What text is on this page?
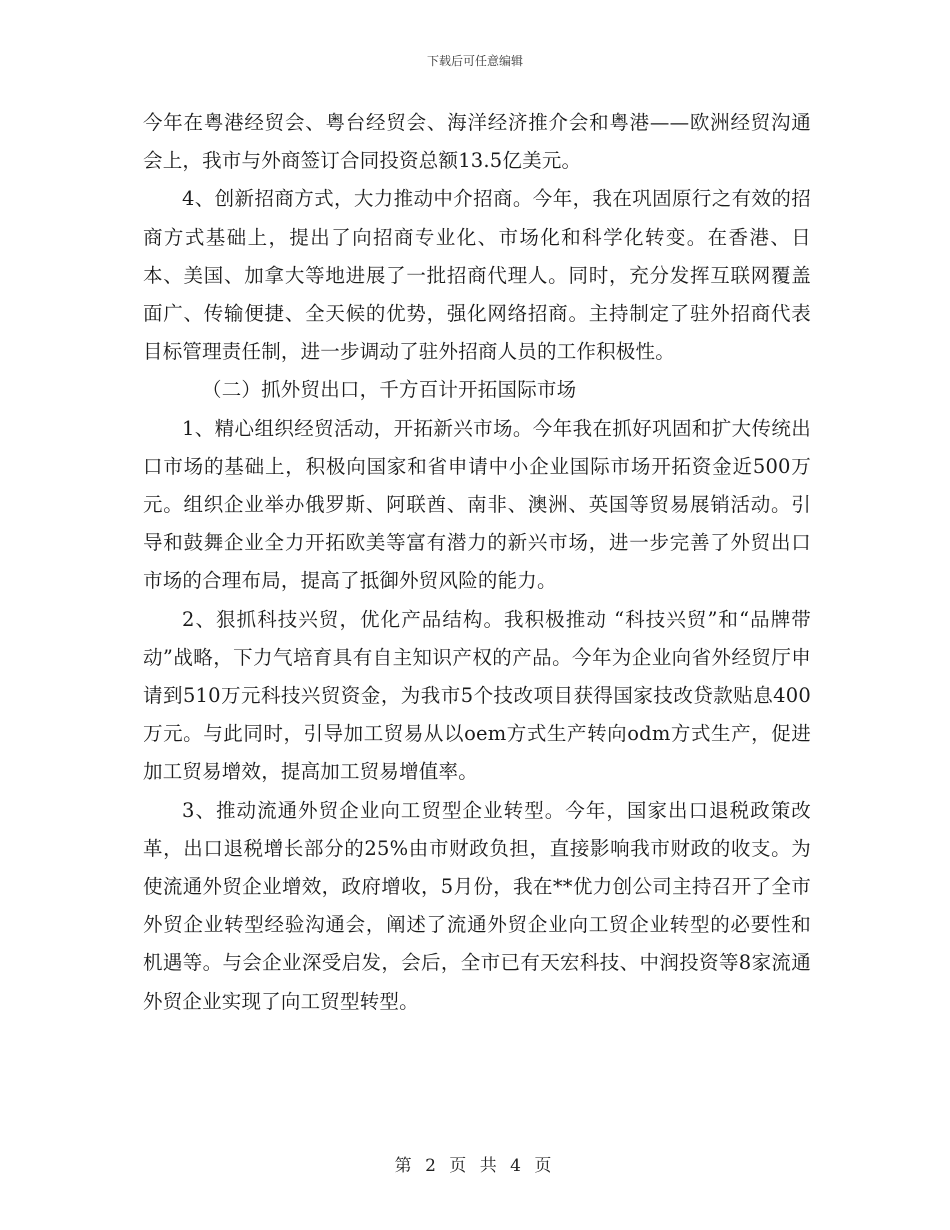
下载后可任意编辑

今年在粤港经贸会、粤台经贸会、海洋经济推介会和粤港——欧洲经贸沟通会上，我市与外商签订合同投资总额13.5亿美元。

4、创新招商方式，大力推动中介招商。今年，我在巩固原行之有效的招商方式基础上，提出了向招商专业化、市场化和科学化转变。在香港、日本、美国、加拿大等地进展了一批招商代理人。同时，充分发挥互联网覆盖面广、传输便捷、全天候的优势，强化网络招商。主持制定了驻外招商代表目标管理责任制，进一步调动了驻外招商人员的工作积极性。

（二）抓外贸出口，千方百计开拓国际市场

1、精心组织经贸活动，开拓新兴市场。今年我在抓好巩固和扩大传统出口市场的基础上，积极向国家和省申请中小企业国际市场开拓资金近500万元。组织企业举办俄罗斯、阿联酋、南非、澳洲、英国等贸易展销活动。引导和鼓舞企业全力开拓欧美等富有潜力的新兴市场，进一步完善了外贸出口市场的合理布局，提高了抵御外贸风险的能力。

2、狠抓科技兴贸，优化产品结构。我积极推动 “科技兴贸”和“品牌带动”战略，下力气培育具有自主知识产权的产品。今年为企业向省外经贸厅申请到510万元科技兴贸资金，为我市5个技改项目获得国家技改贷款贴息400万元。与此同时，引导加工贸易从以oem方式生产转向odm方式生产，促进加工贸易增效，提高加工贸易增值率。

3、推动流通外贸企业向工贸型企业转型。今年，国家出口退税政策改革，出口退税增长部分的25%由市财政负担，直接影响我市财政的收支。为使流通外贸企业增效，政府增收，5月份，我在**优力创公司主持召开了全市外贸企业转型经验沟通会，阐述了流通外贸企业向工贸企业转型的必要性和机遇等。与会企业深受启发，会后，全市已有天宏科技、中润投资等8家流通外贸企业实现了向工贸型转型。

第 2 页 共 4 页
